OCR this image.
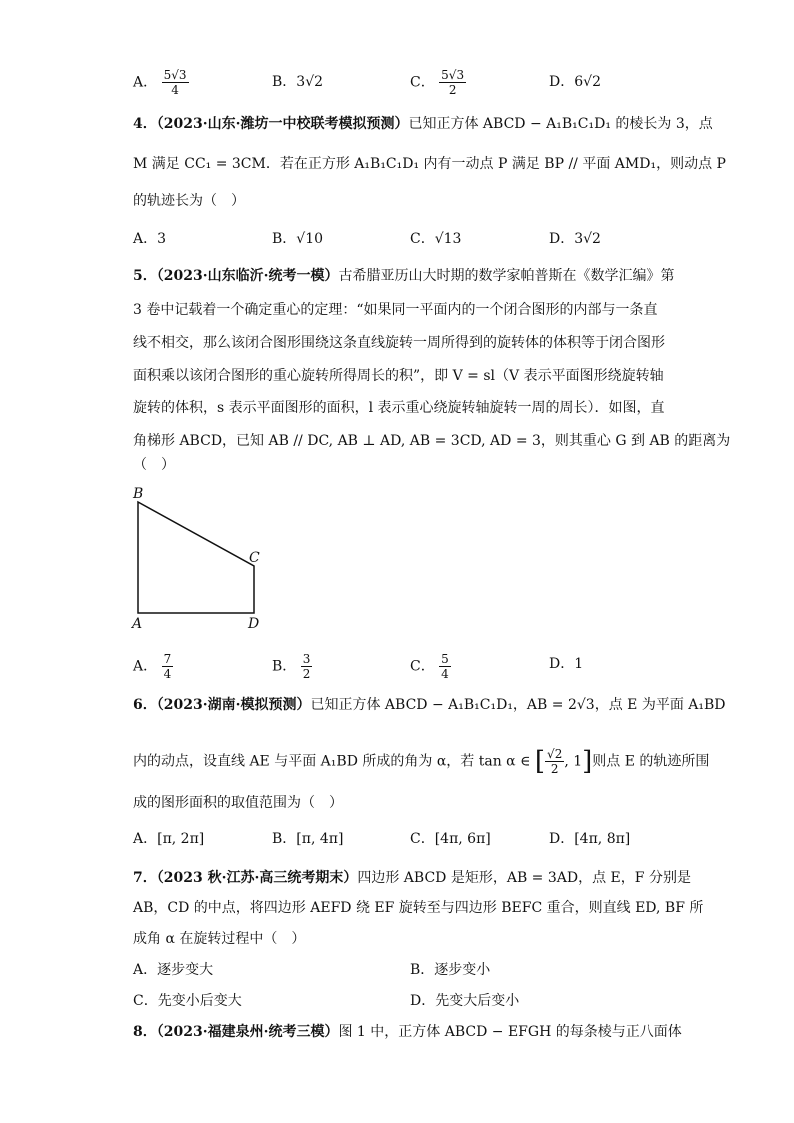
A． $\frac{5√3}{4}$	B．3√2	C． $\frac{5√3}{2}$	D．6√2
4．（2023·山东·潍坊一中校联考模拟预测）已知正方体 ABCD − A₁B₁C₁D₁ 的棱长为 3，点
M 满足 CC₁ = 3CM．若在正方形 A₁B₁C₁D₁ 内有一动点 P 满足 BP // 平面 AMD₁，则动点 P
的轨迹长为（　）
A．3	B．√10	C．√13	D．3√2
5．（2023·山东临沂·统考一模）古希腊亚历山大时期的数学家帕普斯在《数学汇编》第
3 卷中记载着一个确定重心的定理：“如果同一平面内的一个闭合图形的内部与一条直
线不相交，那么该闭合图形围绕这条直线旋转一周所得到的旋转体的体积等于闭合图形
面积乘以该闭合图形的重心旋转所得周长的积”，即 V = sl（V 表示平面图形绕旋转轴
旋转的体积，s 表示平面图形的面积，l 表示重心绕旋转轴旋转一周的周长）．如图，直
角梯形 ABCD，已知 AB // DC, AB ⊥ AD, AB = 3CD, AD = 3，则其重心 G 到 AB 的距离为
（　）
B
C
A	D
A． $\frac{7}{4}$	B． $\frac{3}{2}$	C． $\frac{5}{4}$	D．1
6．（2023·湖南·模拟预测）已知正方体 ABCD − A₁B₁C₁D₁，AB = 2√3，点 E 为平面 A₁BD
内的动点，设直线 AE 与平面 A₁BD 所成的角为 α，若 tan α ∈ [ $\frac{√2}{2}$ , 1]则点 E 的轨迹所围
成的图形面积的取值范围为（　）
A．[π, 2π]	B．[π, 4π]	C．[4π, 6π]	D．[4π, 8π]
7．（2023 秋·江苏·高三统考期末）四边形 ABCD 是矩形，AB = 3AD，点 E，F 分别是
AB，CD 的中点，将四边形 AEFD 绕 EF 旋转至与四边形 BEFC 重合，则直线 ED, BF 所
成角 α 在旋转过程中（　）
A．逐步变大	B．逐步变小
C．先变小后变大	D．先变大后变小
8．（2023·福建泉州·统考三模）图 1 中，正方体 ABCD − EFGH 的每条棱与正八面体
